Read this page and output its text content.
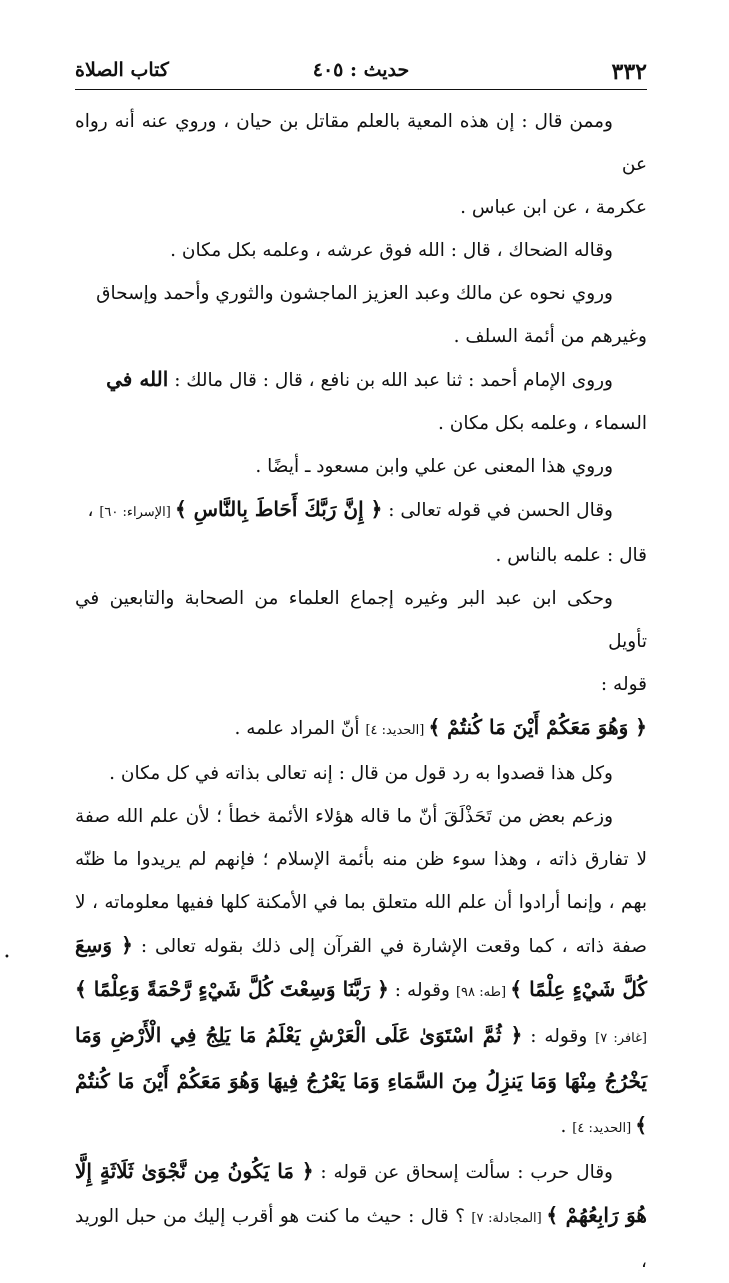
٣٣٢
حديث : ٤٠٥
كتاب الصلاة

وممن قال : إن هذه المعية بالعلم مقاتل بن حيان ، وروي عنه أنه رواه عن
عكرمة ، عن ابن عباس .

وقاله الضحاك ، قال : الله فوق عرشه ، وعلمه بكل مكان .

وروي نحوه عن مالك وعبد العزيز الماجشون والثوري وأحمد وإسحاق
وغيرهم من أئمة السلف .

وروى الإمام أحمد : ثنا عبد الله بن نافع ، قال : قال مالك : الله في
السماء ، وعلمه بكل مكان .

وروي هذا المعنى عن علي وابن مسعود ـ أيضًا .

وقال الحسن في قوله تعالى : ﴿ إِنَّ رَبَّكَ أَحَاطَ بِالنَّاسِ ﴾ [الإسراء: ٦٠] ،
قال : علمه بالناس .

وحكى ابن عبد البر وغيره إجماع العلماء من الصحابة والتابعين في تأويل
قوله :
﴿ وَهُوَ مَعَكُمْ أَيْنَ مَا كُنتُمْ ﴾ [الحديد: ٤] أنّ المراد علمه .

وكل هذا قصدوا به رد قول من قال : إنه تعالى بذاته في كل مكان .

وزعم بعض من تَحَذْلَقَ أنّ ما قاله هؤلاء الأئمة خطأ ؛ لأن علم الله صفة لا تفارق ذاته ، وهذا سوء ظن منه بأئمة الإسلام ؛ فإنهم لم يريدوا ما ظنّه بهم ، وإنما أرادوا أن علم الله متعلق بما في الأمكنة كلها ففيها معلوماته ، لا صفة ذاته ، كما وقعت الإشارة في القرآن إلى ذلك بقوله تعالى : ﴿ وَسِعَ كُلَّ شَيْءٍ عِلْمًا ﴾ [طه: ٩٨] وقوله : ﴿ رَبَّنَا وَسِعْتَ كُلَّ شَيْءٍ رَّحْمَةً وَعِلْمًا ﴾ [غافر: ٧] وقوله : ﴿ ثُمَّ اسْتَوَىٰ عَلَى الْعَرْشِ يَعْلَمُ مَا يَلِجُ فِي الْأَرْضِ وَمَا يَخْرُجُ مِنْهَا وَمَا يَنزِلُ مِنَ السَّمَاءِ وَمَا يَعْرُجُ فِيهَا وَهُوَ مَعَكُمْ أَيْنَ مَا كُنتُمْ ﴾ [الحديد: ٤] .

وقال حرب : سألت إسحاق عن قوله : ﴿ مَا يَكُونُ مِن نَّجْوَىٰ ثَلَاثَةٍ إِلَّا هُوَ رَابِعُهُمْ ﴾ [المجادلة: ٧] ؟ قال : حيث ما كنت هو أقرب إليك من حبل الوريد ،

•
